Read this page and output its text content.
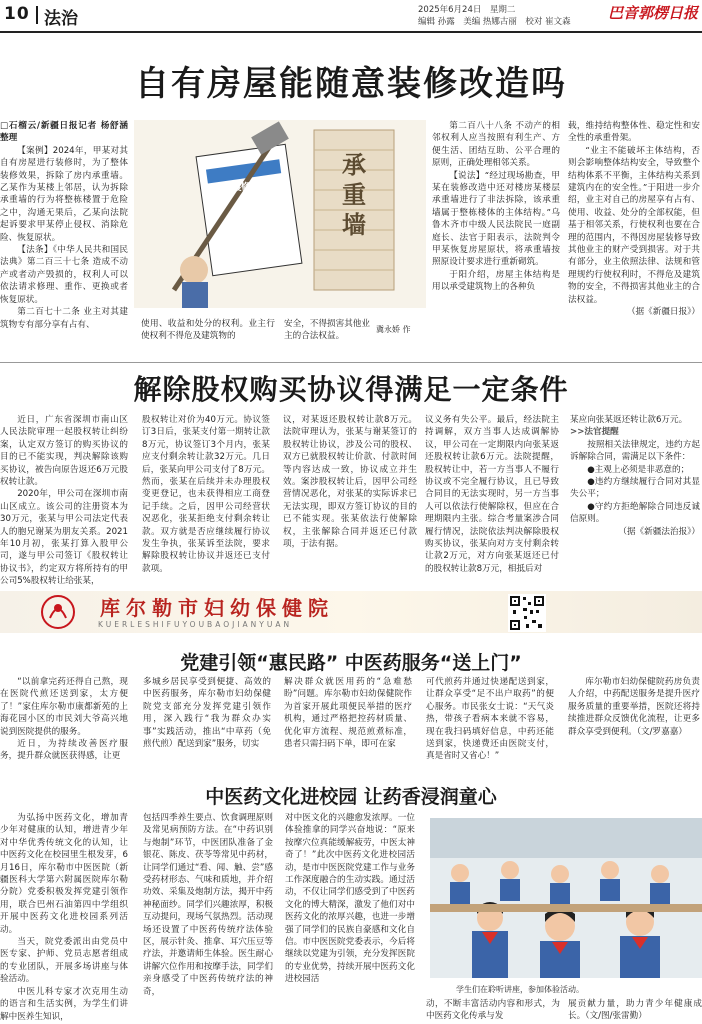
10 法治	2025年6月24日　星期二
编辑 孙露　美编 热娜古丽　校对 崔文森 巴音郭楞日报
自有房屋能随意装修改造吗
□石榴云/新疆日报记者 杨舒涵 整理

【案例】2024年，甲某对其自有房屋进行装修时，为了整体装修效果，拆除了房内承重墙。乙某作为某楼上邻居，认为拆除承重墙的行为将整栋楼置于危险之中，沟通无果后，乙某向法院起诉要求甲某停止侵权、消除危险、恢复原状。

【法条】《中华人民共和国民法典》第二百三十七条 造成不动产或者动产毁损的，权利人可以依法请求修理、重作、更换或者恢复原状。

第二百七十二条 业主对其建筑物专有部分享有占有、

房屋装修侵权
承重墙
冀永娇 作

使用、收益和处分的权利。业主行使权利不得危及建筑物的

安全，不得损害其他业主的合法权益。

第二百八十八条 不动产的相邻权利人应当按照有利生产、方便生活、团结互助、公平合理的原则，正确处理相邻关系。

【说法】“经过现场勘查，甲某在装修改造中还对楼房某楼层承重墙进行了非法拆除，该承重墙属于整栋楼体的主体结构。”乌鲁木齐市中级人民法院民一庭副庭长、法官于阳表示，法院判令甲某恢复房屋原状，将承重墙按照原设计要求进行重新砌筑。

于阳介绍，房屋主体结构是用以承受建筑物上的各种负

载，维持结构整体性、稳定性和安全性的承重骨架。

“业主不能破坏主体结构，否则会影响整体结构安全，导致整个结构体系不平衡，主体结构关系到建筑内在的安全性。”于阳进一步介绍，业主对自己的房屋享有占有、使用、收益、处分的全部权能，但基于相邻关系，行使权利也要在合理的范围内，不得因房屋装修导致其他业主的财产受到损害。对于共有部分，业主依照法律、法规和管理规约行使权利时，不得危及建筑物的安全，不得损害其他业主的合法权益。

（据《新疆日报》）

解除股权购买协议得满足一定条件

近日，广东省深圳市南山区人民法院审理一起股权转让纠纷案，认定双方签订的购买协议的目的已不能实现，判决解除该购买协议，被告向原告返还6万元股权转让款。

2020年，甲公司在深圳市南山区成立。该公司的注册资本为30万元，张某与甲公司法定代表人的胞兄谢某为朋友关系。2021年10月初，张某打算入股甲公司，遂与甲公司签订《股权转让协议书》，约定双方将所持有的甲公司5%股权转让给张某，

股权转让对价为40万元。协议签订3日后，张某支付第一期转让款8万元，协议签订3个月内，张某应支付剩余转让款32万元。几日后，张某向甲公司支付了8万元。然而，张某在后续并未办理股权变更登记，也未获得相应工商登记手续。之后，因甲公司经营状况恶化，张某拒绝支付剩余转让款。双方就是否应继续履行协议发生争执，张某诉至法院，要求解除股权转让协议并返还已支付款项。

议，对某返还股权转让款8万元。法院审理认为，张某与谢某签订的股权转让协议，涉及公司的股权、双方已就股权转让价款、付款时间等内容达成一致，协议成立并生效。案涉股权转让后，因甲公司经营情况恶化，对张某的实际诉求已无法实现，即双方签订协议的目的已不能实现。张某依法行使解除权，主张解除合同并返还已付款项，于法有据。

议义务有失公平。最后，经法院主持调解，双方当事人达成调解协议，甲公司在一定期限内向张某返还股权转让款6万元。法院提醒，股权转让中，若一方当事人不履行协议或不完全履行协议，且已导致合同目的无法实现时，另一方当事人可以依法行使解除权，但应在合理期限内主张。综合考量案涉合同履行情况，法院依法判决解除股权购买协议，张某向对方支付剩余转让款2万元，对方向张某返还已付的股权转让款8万元，相抵后对

某应向张某返还转让款6万元。

>>法官提醒

按照相关法律规定，违约方起诉解除合同，需满足以下条件：

●主观上必须是非恶意的；

●违约方继续履行合同对其显失公平；

●守约方拒绝解除合同违反诚信原则。

（据《新疆法治报》）

库尔勒市妇幼保健院
KUERLESHIFUYOUBAOJIANYUAN
党建引领“惠民路” 中医药服务“送上门”

“以前拿完药还得自己熬，现在医院代煎还送到家，太方便了！”家住库尔勒市康都新苑的上海花园小区的市民刘大爷高兴地说到医院提供的服务。

近日，为持续改善医疗服务，提升群众就医获得感，让更

多城乡居民享受到便捷、高效的中医药服务，库尔勒市妇幼保健院党支部充分发挥党建引领作用，深入践行“我为群众办实事”实践活动，推出“中草药（免煎代煎）配送到家”服务，切实

解决群众就医用药的“急难愁盼”问题。库尔勒市妇幼保健院作为首家开展此项便民举措的医疗机构，通过严格把控药材质量、优化审方流程、规范煎煮标准，患者只需扫码下单，即可在家

可代煎药并通过快递配送到家，让群众享受“足不出户取药”的便心服务。市民张女士说：“天气炎热，带孩子看病本来就不容易，现在我扫码填好信息，中药还能送到家，快递费还由医院支付，真是省时又省心！”

库尔勒市妇幼保健院药房负责人介绍，中药配送服务是提升医疗服务质量的重要举措，医院还将持续推进群众反馈优化流程，让更多群众享受到便利。（文/罗嘉嘉）

中医药文化进校园 让药香浸润童心

为弘扬中医药文化，增加青少年对健康的认知，增进青少年对中华优秀传统文化的认知，让中医药文化在校园里生根发芽，6月16日，库尔勒市中医医院（新疆医科大学第六附属医院库尔勒分院）党委积极发挥党建引领作用，联合巴州石油第四中学组织开展中医药文化进校园系列活动。

当天，院党委派出由党员中医专家、护师、党员志愿者组成的专业团队，开展多场讲座与体验活动。

中医儿科专家才次克用生动的语言和生活实例，为学生们讲解中医养生知识，

包括四季养生要点、饮食调理原则及常见病预防方法。在“中药识别与炮制”环节，中医团队准备了金银花、陈皮、茯苓等常见中药材，让同学们通过“看、闻、触、尝”感受药材形态、气味和质地，并介绍功效、采集及炮制方法，揭开中药神秘面纱。同学们兴趣浓厚，积极互动提问，现场气氛热烈。活动现场还设置了中医药传统疗法体验区，展示针灸、推拿、耳穴压豆等疗法，并邀请师生体验。医生耐心讲解穴位作用和按摩手法，同学们亲身感受了中医药传统疗法的神奇，

对中医文化的兴趣愈发浓厚。一位体验推拿的同学兴奋地说：“原来按摩穴位真能缓解疲劳，中医太神奇了！”此次中医药文化进校园活动，是市中医医院党建工作与业务工作深度融合的生动实践。通过活动，不仅让同学们感受到了中医药文化的博大精深，激发了他们对中医药文化的浓厚兴趣，也进一步增强了同学们的民族自豪感和文化自信。市中医医院党委表示，今后将继续以党建为引领，充分发挥医院的专业优势，持续开展中医药文化进校园活

学生们在聆听讲座，参加体验活动。

动，不断丰富活动内容和形式，为中医药文化传承与发

展贡献力量，助力青少年健康成长。（文/图/张雷勤）
